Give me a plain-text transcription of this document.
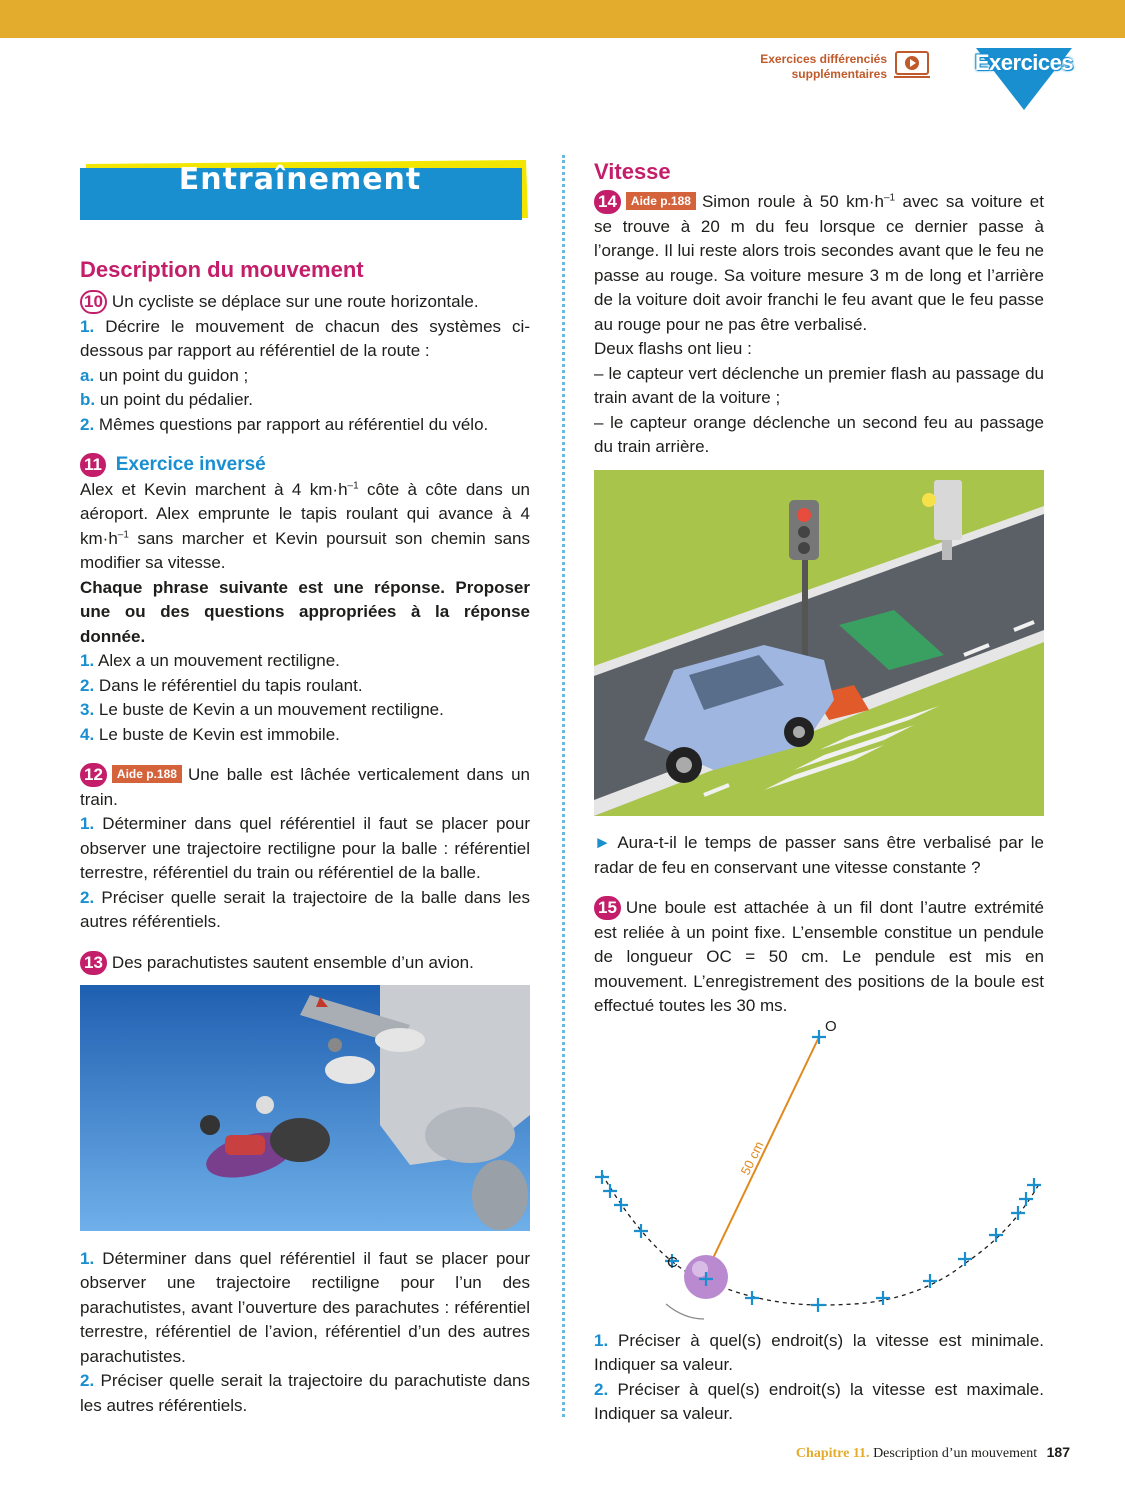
Exercices différenciés
supplémentaires	Exercices
Entraînement
Description du mouvement

10 Un cycliste se déplace sur une route horizontale.

1. Décrire le mouvement de chacun des systèmes ci-dessous par rapport au référentiel de la route :

a. un point du guidon ;

b. un point du pédalier.

2. Mêmes questions par rapport au référentiel du vélo.

11 Exercice inversé

Alex et Kevin marchent à 4 $km\cdot h^{-1}$ côte à côte dans un aéroport. Alex emprunte le tapis roulant qui avance à 4 $km\cdot h^{-1}$ sans marcher et Kevin poursuit son chemin sans modifier sa vitesse.

Chaque phrase suivante est une réponse. Proposer une ou des questions appropriées à la réponse donnée.

1. Alex a un mouvement rectiligne.

2. Dans le référentiel du tapis roulant.

3. Le buste de Kevin a un mouvement rectiligne.

4. Le buste de Kevin est immobile.

12 Aide p.188 Une balle est lâchée verticalement dans un train.

1. Déterminer dans quel référentiel il faut se placer pour observer une trajectoire rectiligne pour la balle : référentiel terrestre, référentiel du train ou référentiel de la balle.

2. Préciser quelle serait la trajectoire de la balle dans les autres référentiels.

13 Des parachutistes sautent ensemble d’un avion.

1. Déterminer dans quel référentiel il faut se placer pour observer une trajectoire rectiligne pour l’un des parachutistes, avant l’ouverture des parachutes : référentiel terrestre, référentiel de l’avion, référentiel d’un des autres parachutistes.

2. Préciser quelle serait la trajectoire du parachutiste dans les autres référentiels.

Vitesse

14 Aide p.188 Simon roule à 50 $km\cdot h^{-1}$ avec sa voiture et se trouve à 20 m du feu lorsque ce dernier passe à l’orange. Il lui reste alors trois secondes avant que le feu ne passe au rouge. Sa voiture mesure 3 m de long et l’arrière de la voiture doit avoir franchi le feu avant que le feu passe au rouge pour ne pas être verbalisé.

Deux flashs ont lieu :

– le capteur vert déclenche un premier flash au passage du train avant de la voiture ;

– le capteur orange déclenche un second feu au passage du train arrière.

► Aura-t-il le temps de passer sans être verbalisé par le radar de feu en conservant une vitesse constante ?

15 Une boule est attachée à un fil dont l’autre extrémité est reliée à un point fixe. L’ensemble constitue un pendule de longueur OC = 50 cm. Le pendule est mis en mouvement. L’enregistrement des positions de la boule est effectué toutes les 30 ms.

O
C
50 cm

1. Préciser à quel(s) endroit(s) la vitesse est minimale. Indiquer sa valeur.

2. Préciser à quel(s) endroit(s) la vitesse est maximale. Indiquer sa valeur.

Chapitre 11. Description d’un mouvement 187
